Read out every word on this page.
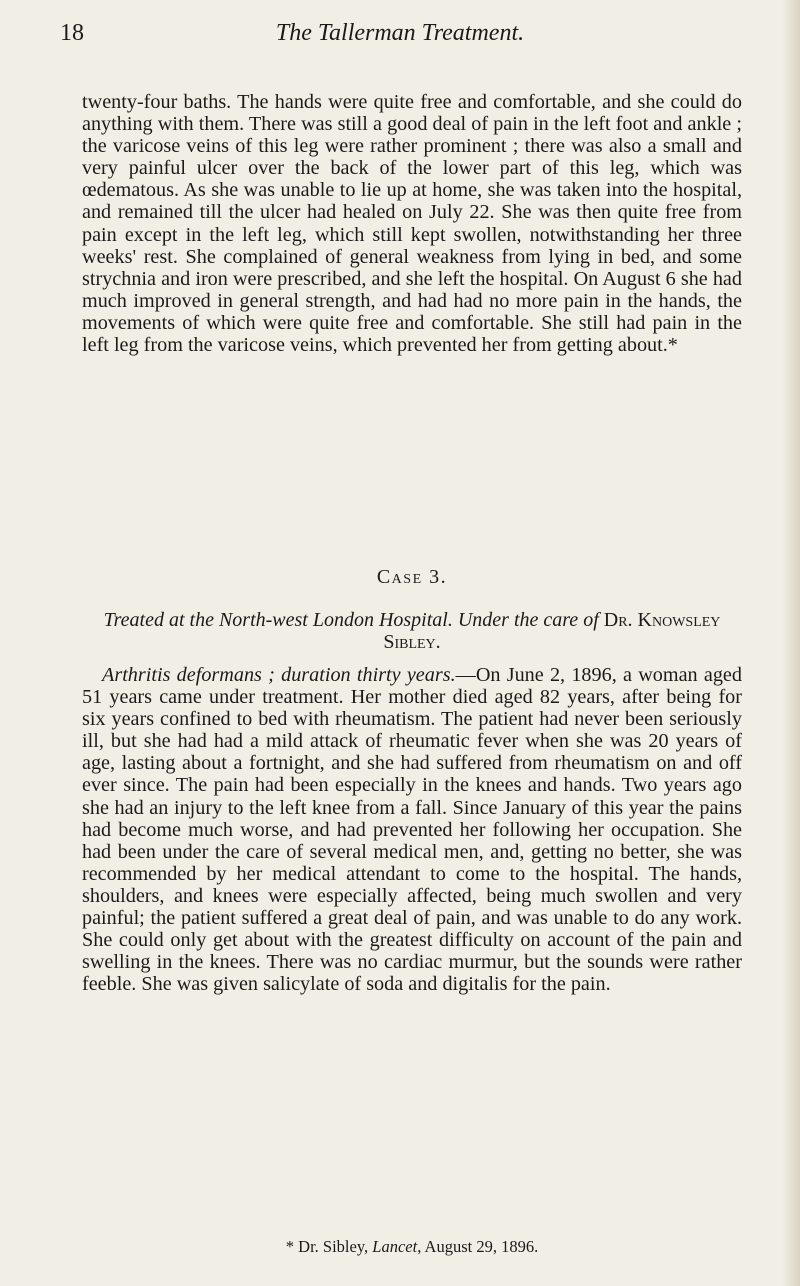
18	The Tallerman Treatment.

twenty-four baths. The hands were quite free and comfortable, and she could do anything with them. There was still a good deal of pain in the left foot and ankle ; the varicose veins of this leg were rather prominent ; there was also a small and very painful ulcer over the back of the lower part of this leg, which was œdematous. As she was unable to lie up at home, she was taken into the hospital, and remained till the ulcer had healed on July 22. She was then quite free from pain except in the left leg, which still kept swollen, notwithstanding her three weeks' rest. She complained of general weakness from lying in bed, and some strychnia and iron were prescribed, and she left the hospital. On August 6 she had much improved in general strength, and had had no more pain in the hands, the movements of which were quite free and comfortable. She still had pain in the left leg from the varicose veins, which prevented her from getting about.*

Case 3.
Treated at the North-west London Hospital. Under the care of Dr. Knowsley Sibley.

Arthritis deformans ; duration thirty years.—On June 2, 1896, a woman aged 51 years came under treatment. Her mother died aged 82 years, after being for six years confined to bed with rheumatism. The patient had never been seriously ill, but she had had a mild attack of rheumatic fever when she was 20 years of age, lasting about a fortnight, and she had suffered from rheumatism on and off ever since. The pain had been especially in the knees and hands. Two years ago she had an injury to the left knee from a fall. Since January of this year the pains had become much worse, and had prevented her following her occupation. She had been under the care of several medical men, and, getting no better, she was recommended by her medical attendant to come to the hospital. The hands, shoulders, and knees were especially affected, being much swollen and very painful; the patient suffered a great deal of pain, and was unable to do any work. She could only get about with the greatest difficulty on account of the pain and swelling in the knees. There was no cardiac murmur, but the sounds were rather feeble. She was given salicylate of soda and digitalis for the pain.

* Dr. Sibley, Lancet, August 29, 1896.
